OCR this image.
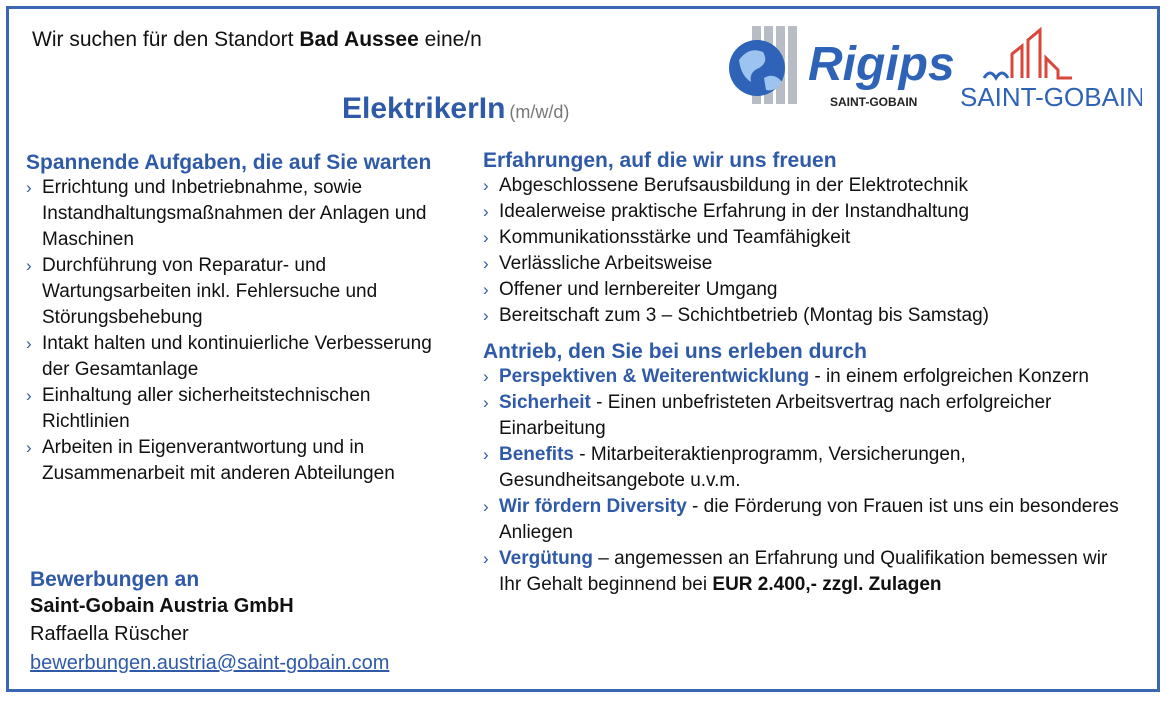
Wir suchen für den Standort Bad Aussee eine/n
ElektrikerIn (m/w/d)
Rigips
SAINT-GOBAIN SAINT-GOBAIN
Spannende Aufgaben, die auf Sie warten
› Errichtung und Inbetriebnahme, sowie Instandhaltungsmaßnahmen der Anlagen und Maschinen
› Durchführung von Reparatur- und Wartungsarbeiten inkl. Fehlersuche und Störungsbehebung
› Intakt halten und kontinuierliche Verbesserung der Gesamtanlage
› Einhaltung aller sicherheitstechnischen Richtlinien
› Arbeiten in Eigenverantwortung und in Zusammenarbeit mit anderen Abteilungen
Erfahrungen, auf die wir uns freuen
› Abgeschlossene Berufsausbildung in der Elektrotechnik
› Idealerweise praktische Erfahrung in der Instandhaltung
› Kommunikationsstärke und Teamfähigkeit
› Verlässliche Arbeitsweise
› Offener und lernbereiter Umgang
› Bereitschaft zum 3 – Schichtbetrieb (Montag bis Samstag)
Antrieb, den Sie bei uns erleben durch
› Perspektiven & Weiterentwicklung - in einem erfolgreichen Konzern
› Sicherheit - Einen unbefristeten Arbeitsvertrag nach erfolgreicher Einarbeitung
› Benefits - Mitarbeiteraktienprogramm, Versicherungen, Gesundheitsangebote u.v.m.
› Wir fördern Diversity - die Förderung von Frauen ist uns ein besonderes Anliegen
› Vergütung – angemessen an Erfahrung und Qualifikation bemessen wir Ihr Gehalt beginnend bei EUR 2.400,- zzgl. Zulagen
Bewerbungen an
Saint-Gobain Austria GmbH
Raffaella Rüscher
bewerbungen.austria@saint-gobain.com
